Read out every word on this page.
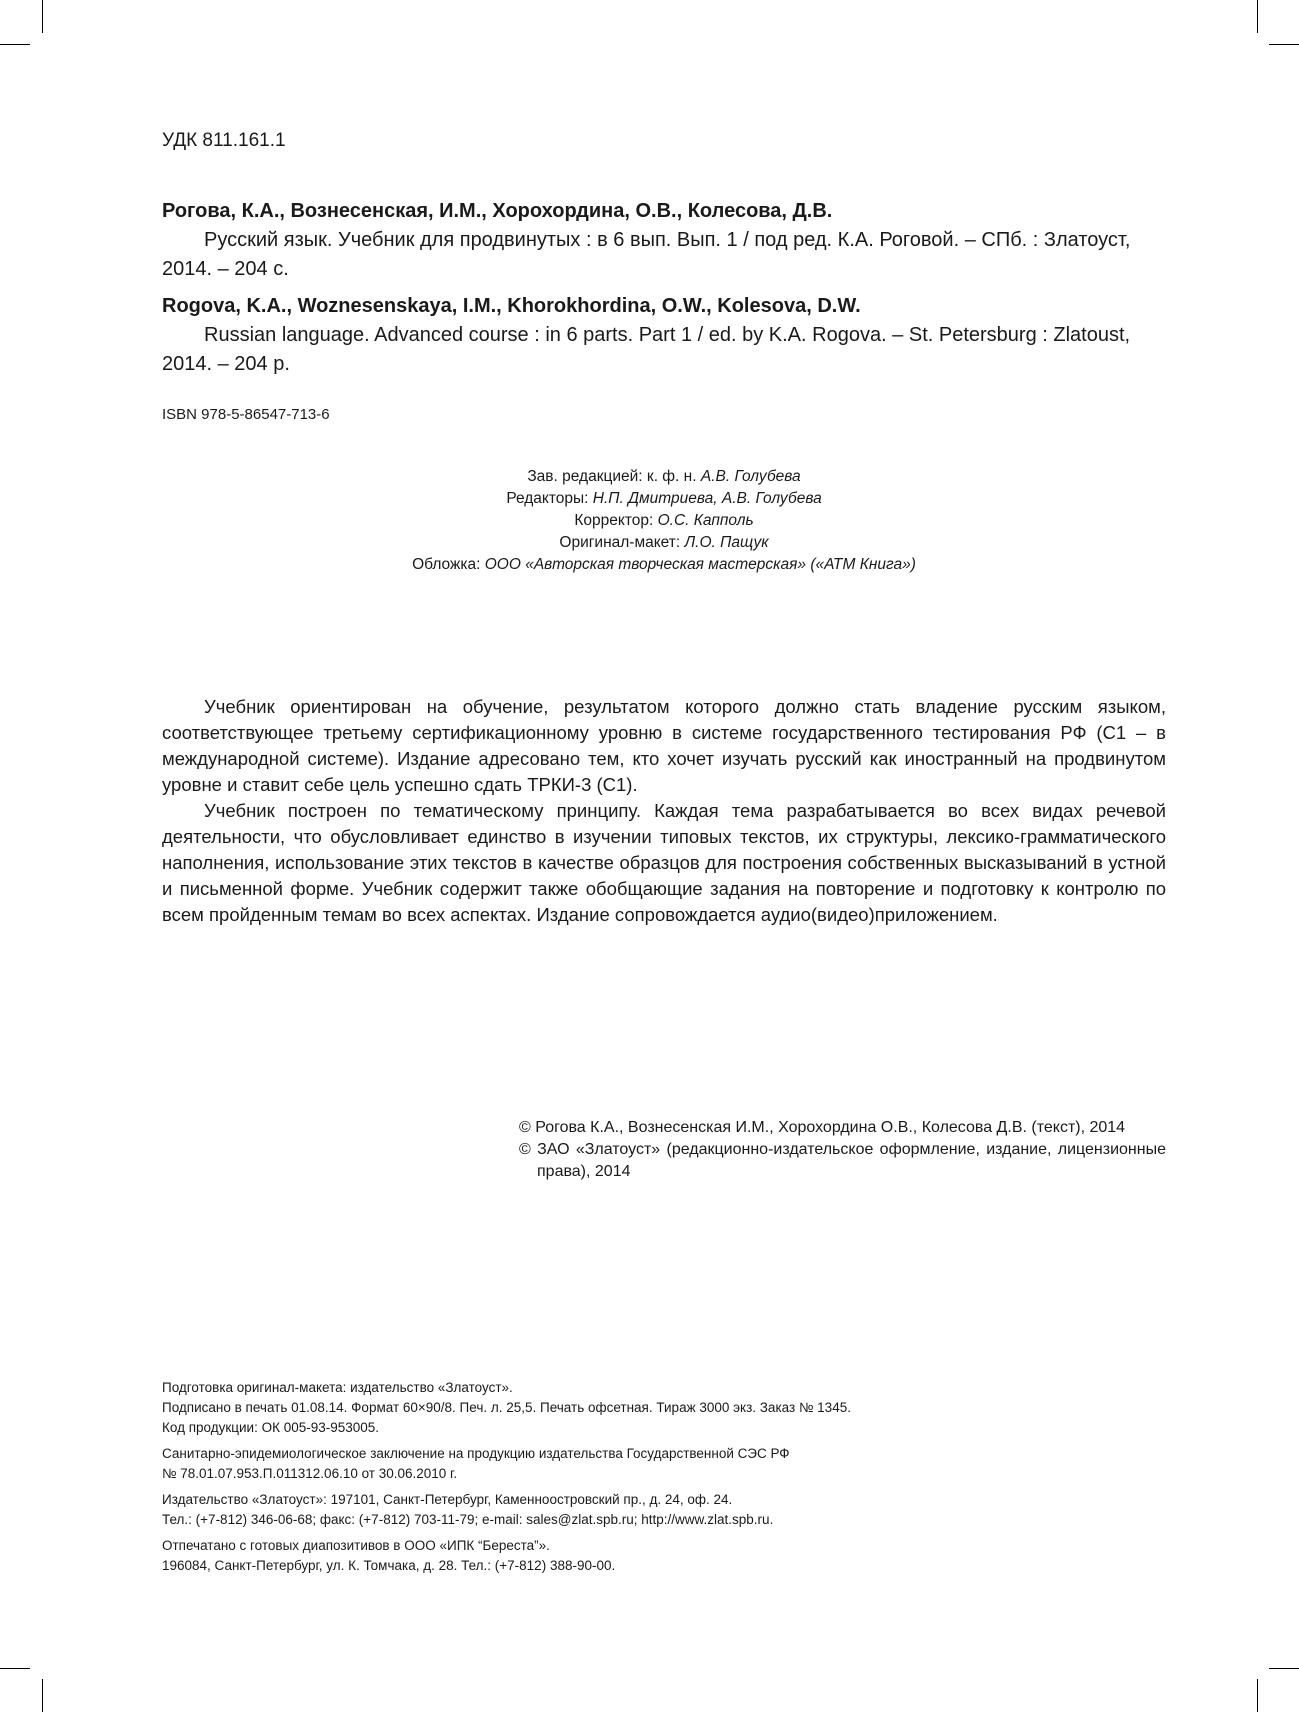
УДК 811.161.1
Рогова, К.А., Вознесенская, И.М., Хорохордина, О.В., Колесова, Д.В.
Русский язык. Учебник для продвинутых : в 6 вып. Вып. 1 / под ред. К.А. Роговой. – СПб. : Златоуст, 2014. – 204 с.
Rogova, K.A., Woznesenskaya, I.M., Khorokhordina, O.W., Kolesova, D.W.
Russian language. Advanced course : in 6 parts. Part 1 / ed. by K.A. Rogova. – St. Petersburg : Zlatoust, 2014. – 204 p.
ISBN 978-5-86547-713-6
Зав. редакцией: к. ф. н. А.В. Голубева
Редакторы: Н.П. Дмитриева, А.В. Голубева
Корректор: О.С. Капполь
Оригинал-макет: Л.О. Пащук
Обложка: ООО «Авторская творческая мастерская» («АТМ Книга»)

Учебник ориентирован на обучение, результатом которого должно стать владение русским языком, соответствующее третьему сертификационному уровню в системе государственного тестирования РФ (С1 – в международной системе). Издание адресовано тем, кто хочет изучать русский как иностранный на продвинутом уровне и ставит себе цель успешно сдать ТРКИ-3 (С1).

Учебник построен по тематическому принципу. Каждая тема разрабатывается во всех видах речевой деятельности, что обусловливает единство в изучении типовых текстов, их структуры, лексико-грамматического наполнения, использование этих текстов в качестве образцов для построения собственных высказываний в устной и письменной форме. Учебник содержит также обобщающие задания на повторение и подготовку к контролю по всем пройденным темам во всех аспектах. Издание сопровождается аудио(видео)приложением.

© Рогова К.А., Вознесенская И.М., Хорохордина О.В., Колесова Д.В. (текст), 2014

© ЗАО «Златоуст» (редакционно-издательское оформление, издание, лицензионные права), 2014

Подготовка оригинал-макета: издательство «Златоуст».
Подписано в печать 01.08.14. Формат 60×90/8. Печ. л. 25,5. Печать офсетная. Тираж 3000 экз. Заказ № 1345.
Код продукции: ОК 005-93-953005.
Санитарно-эпидемиологическое заключение на продукцию издательства Государственной СЭС РФ
№ 78.01.07.953.П.011312.06.10 от 30.06.2010 г.
Издательство «Златоуст»: 197101, Санкт-Петербург, Каменноостровский пр., д. 24, оф. 24.
Тел.: (+7-812) 346-06-68; факс: (+7-812) 703-11-79; e-mail: sales@zlat.spb.ru; http://www.zlat.spb.ru.
Отпечатано с готовых диапозитивов в ООО «ИПК “Береста”».
196084, Санкт-Петербург, ул. К. Томчака, д. 28. Тел.: (+7-812) 388-90-00.
